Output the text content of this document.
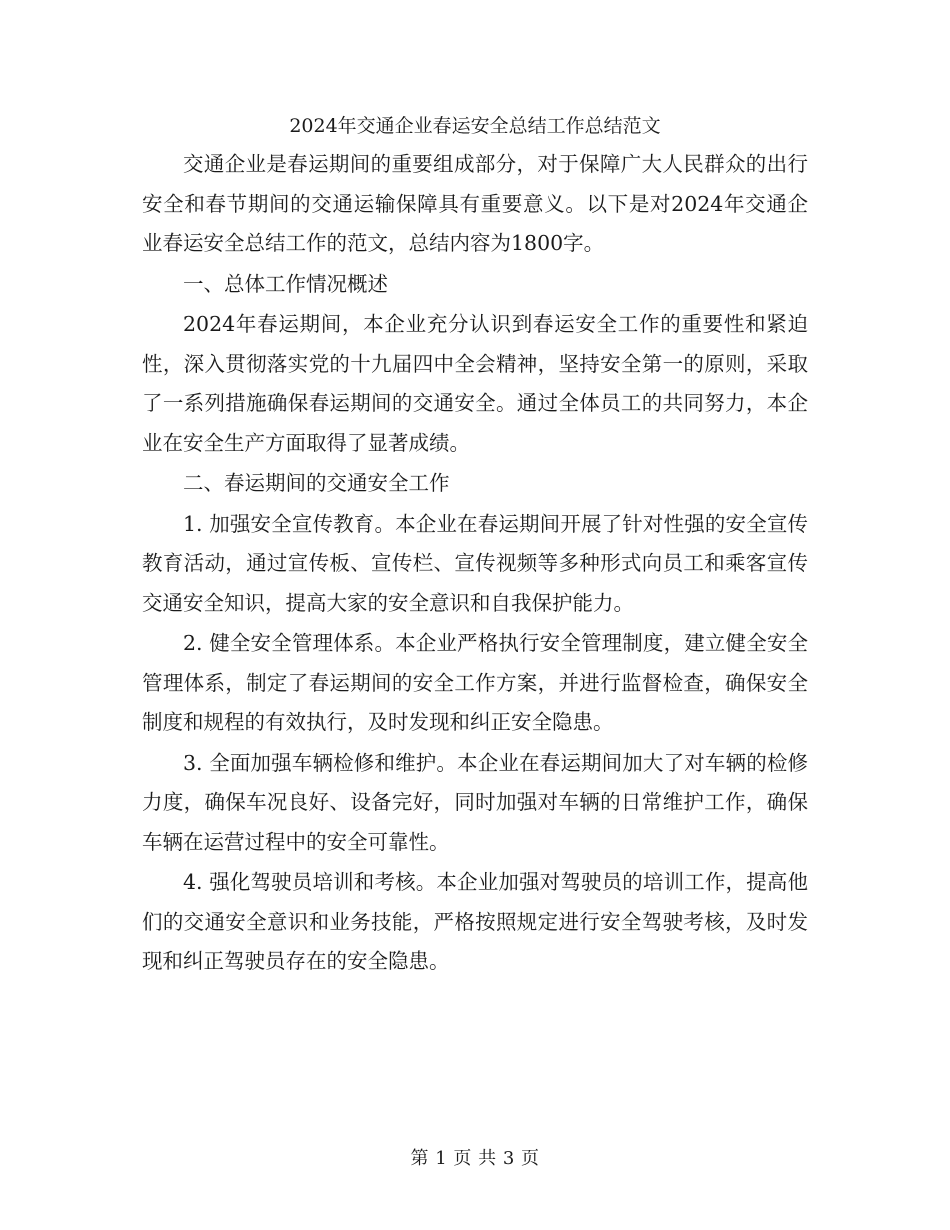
2024年交通企业春运安全总结工作总结范文

交通企业是春运期间的重要组成部分，对于保障广大人民群众的出行安全和春节期间的交通运输保障具有重要意义。以下是对2024年交通企业春运安全总结工作的范文，总结内容为1800字。

一、总体工作情况概述

2024年春运期间，本企业充分认识到春运安全工作的重要性和紧迫性，深入贯彻落实党的十九届四中全会精神，坚持安全第一的原则，采取了一系列措施确保春运期间的交通安全。通过全体员工的共同努力，本企业在安全生产方面取得了显著成绩。

二、春运期间的交通安全工作

1. 加强安全宣传教育。本企业在春运期间开展了针对性强的安全宣传教育活动，通过宣传板、宣传栏、宣传视频等多种形式向员工和乘客宣传交通安全知识，提高大家的安全意识和自我保护能力。

2. 健全安全管理体系。本企业严格执行安全管理制度，建立健全安全管理体系，制定了春运期间的安全工作方案，并进行监督检查，确保安全制度和规程的有效执行，及时发现和纠正安全隐患。

3. 全面加强车辆检修和维护。本企业在春运期间加大了对车辆的检修力度，确保车况良好、设备完好，同时加强对车辆的日常维护工作，确保车辆在运营过程中的安全可靠性。

4. 强化驾驶员培训和考核。本企业加强对驾驶员的培训工作，提高他们的交通安全意识和业务技能，严格按照规定进行安全驾驶考核，及时发现和纠正驾驶员存在的安全隐患。

第 1 页 共 3 页
